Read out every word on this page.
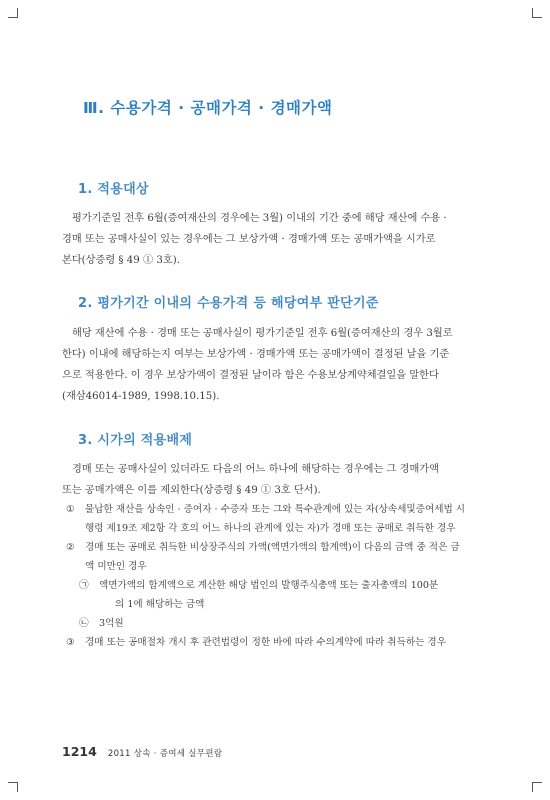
Ⅲ. 수용가격 · 공매가격 · 경매가액
1. 적용대상
평가기준일 전후 6월(증여재산의 경우에는 3월) 이내의 기간 중에 해당 재산에 수용 ·
경매 또는 공매사실이 있는 경우에는 그 보상가액 · 경매가액 또는 공매가액을 시가로
본다(상증령 § 49 ① 3호).
2. 평가기간 이내의 수용가격 등 해당여부 판단기준
해당 재산에 수용 · 경매 또는 공매사실이 평가기준일 전후 6월(증여재산의 경우 3월로
한다) 이내에 해당하는지 여부는 보상가액 · 경매가액 또는 공매가액이 결정된 날을 기준
으로 적용한다. 이 경우 보상가액이 결정된 날이라 함은 수용보상계약체결일을 말한다
(재삼46014-1989, 1998.10.15).
3. 시가의 적용배제
경매 또는 공매사실이 있더라도 다음의 어느 하나에 해당하는 경우에는 그 경매가액
또는 공매가액은 이를 제외한다(상증령 § 49 ① 3호 단서).
① 물납한 재산을 상속인 · 증여자 · 수증자 또는 그와 특수관계에 있는 자(상속세및증여세법 시
행령 제19조 제2항 각 호의 어느 하나의 관계에 있는 자)가 경매 또는 공매로 취득한 경우
② 경매 또는 공매로 취득한 비상장주식의 가액(액면가액의 합계액)이 다음의 금액 중 적은 금
액 미만인 경우
㉠ 액면가액의 합계액으로 계산한 해당 법인의 발행주식총액 또는 출자총액의 100분
의 1에 해당하는 금액
㉡ 3억원
③ 경매 또는 공매절차 개시 후 관련법령이 정한 바에 따라 수의계약에 따라 취득하는 경우
1214 2011 상속 · 증여세 실무편람
